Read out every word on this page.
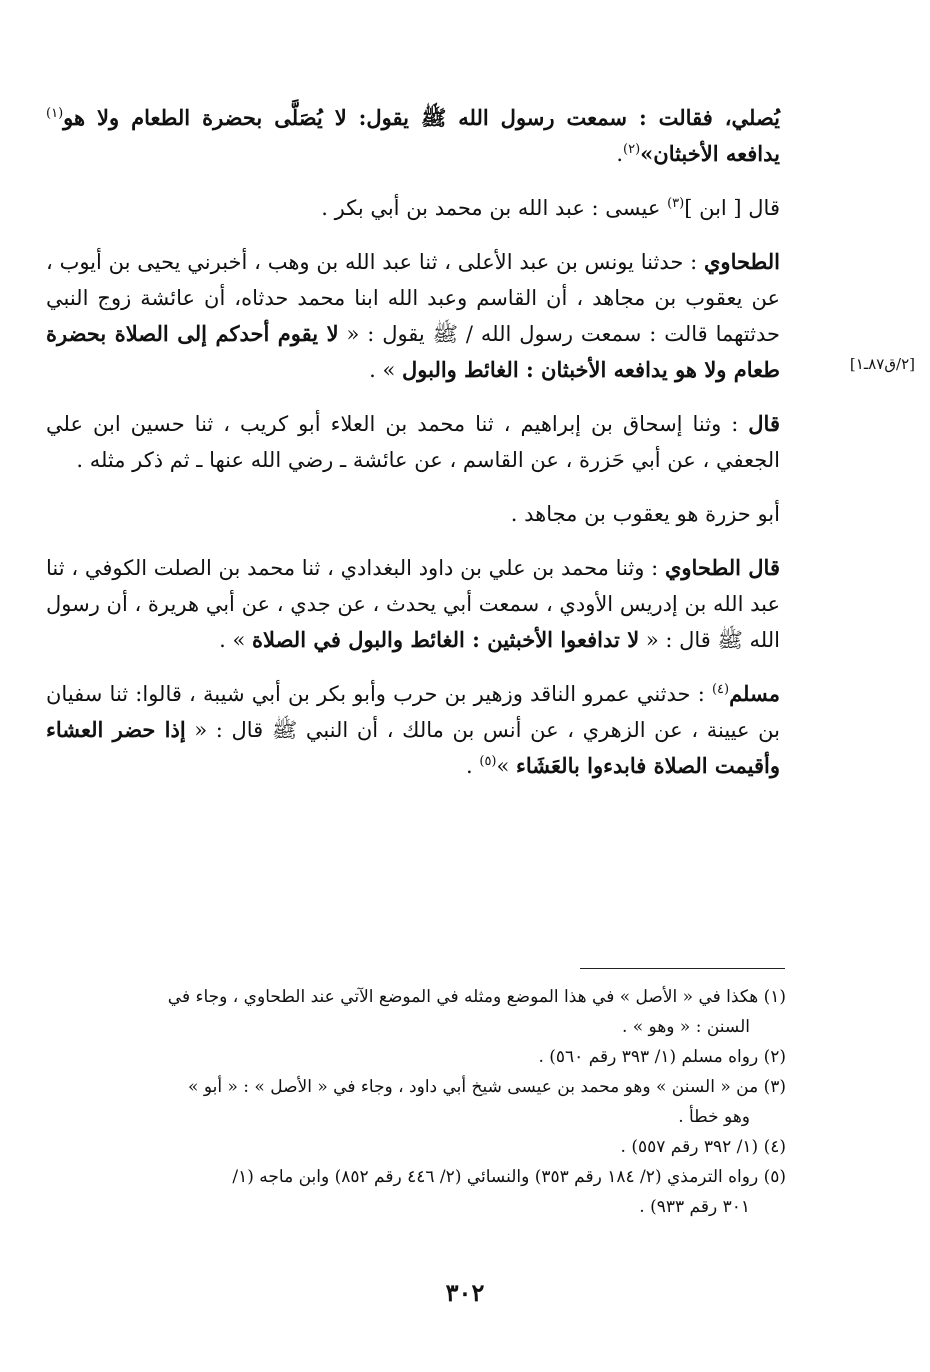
يُصلي، فقالت : سمعت رسول الله ﷺ يقول: لا يُصَلَّى بحضرة الطعام ولا هو$^{(١)}$ يدافعه الأخبثان»$^{(٢)}$.

قال [ ابن ]$^{(٣)}$ عيسى : عبد الله بن محمد بن أبي بكر .

الطحاوي : حدثنا يونس بن عبد الأعلى ، ثنا عبد الله بن وهب ، أخبرني يحيى بن أيوب ، عن يعقوب بن مجاهد ، أن القاسم وعبد الله ابنا محمد حدثاه، أن عائشة زوج النبي حدثتهما قالت : سمعت رسول الله / ﷺ يقول : « لا يقوم أحدكم إلى الصلاة بحضرة طعام ولا هو يدافعه الأخبثان : الغائط والبول » .

قال : وثنا إسحاق بن إبراهيم ، ثنا محمد بن العلاء أبو كريب ، ثنا حسين ابن علي الجعفي ، عن أبي حَزرة ، عن القاسم ، عن عائشة ـ رضي الله عنها ـ ثم ذكر مثله .

أبو حزرة هو يعقوب بن مجاهد .

قال الطحاوي : وثنا محمد بن علي بن داود البغدادي ، ثنا محمد بن الصلت الكوفي ، ثنا عبد الله بن إدريس الأودي ، سمعت أبي يحدث ، عن جدي ، عن أبي هريرة ، أن رسول الله ﷺ قال : « لا تدافعوا الأخبثين : الغائط والبول في الصلاة » .

مسلم$^{(٤)}$ : حدثني عمرو الناقد وزهير بن حرب وأبو بكر بن أبي شيبة ، قالوا: ثنا سفيان بن عيينة ، عن الزهري ، عن أنس بن مالك ، أن النبي ﷺ قال : « إذا حضر العشاء وأقيمت الصلاة فابدءوا بالعَشَاء »$^{(٥)}$ .

[٢/ق٨٧ـ١]
(١) هكذا في « الأصل » في هذا الموضع ومثله في الموضع الآتي عند الطحاوي ، وجاء في
السنن : « وهو » .
(٢) رواه مسلم (١/ ٣٩٣ رقم ٥٦٠) .
(٣) من « السنن » وهو محمد بن عيسى شيخ أبي داود ، وجاء في « الأصل » : « أبو »
وهو خطأ .
(٤) (١/ ٣٩٢ رقم ٥٥٧) .
(٥) رواه الترمذي (٢/ ١٨٤ رقم ٣٥٣) والنسائي (٢/ ٤٤٦ رقم ٨٥٢) وابن ماجه (١/
٣٠١ رقم ٩٣٣) .
٣٠٢
